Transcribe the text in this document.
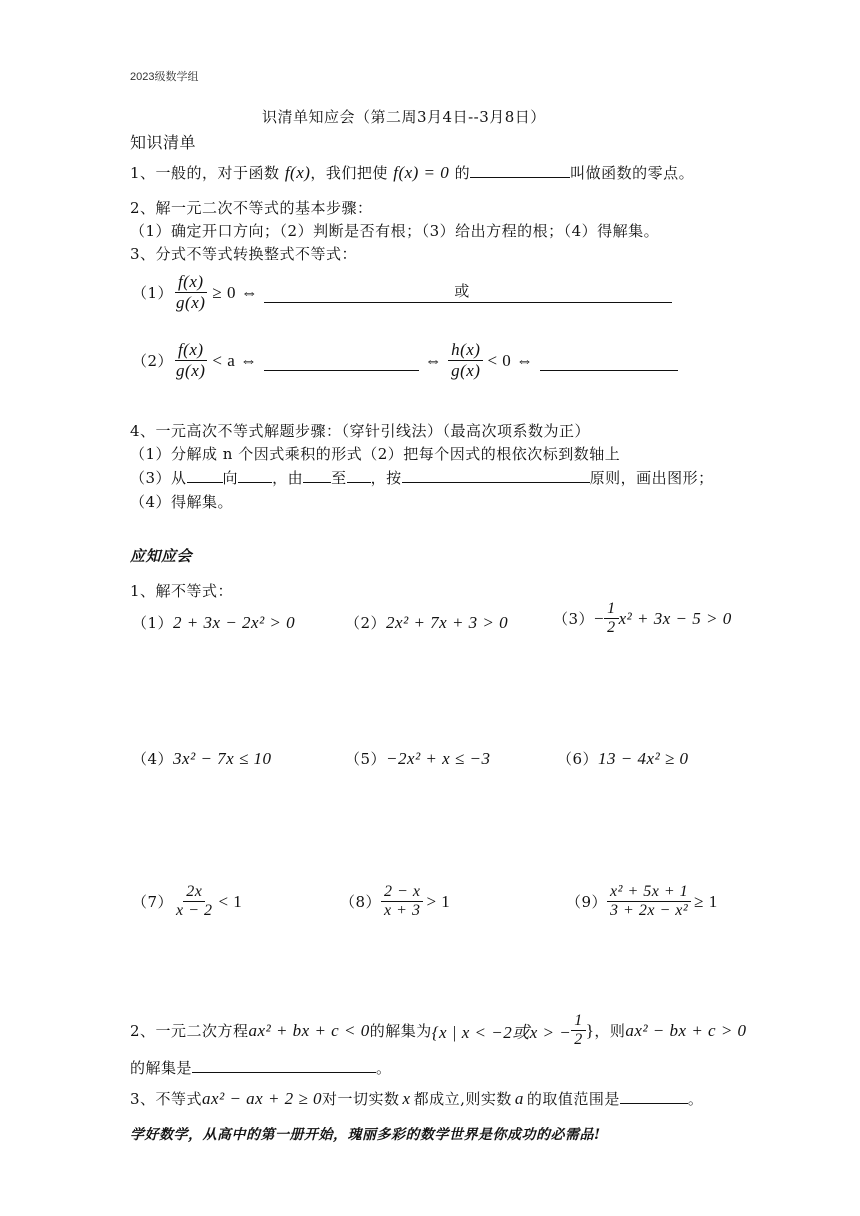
2023级数学组
识清单知应会（第二周3月4日--3月8日）
知识清单
1、一般的，对于函数 f(x)，我们把使 f(x) = 0 的	叫做函数的零点。
2、解一元二次不等式的基本步骤：
（1）确定开口方向；（2）判断是否有根；（3）给出方程的根；（4）得解集。
3、分式不等式转换整式不等式：
$(1) \frac{f(x)}{g(x)} \ge 0$ ⇔	或
$(2) \frac{f(x)}{g(x)} < a$ ⇔	⇔ $\frac{h(x)}{g(x)} < 0$ ⇔
4、一元高次不等式解题步骤：（穿针引线法）（最高次项系数为正）
（1）分解成 n 个因式乘积的形式（2）把每个因式的根依次标到数轴上
（3）从 向 ，由 至 ，按	原则，画出图形；
（4）得解集。
应知应会
1、解不等式：
（1）2 + 3x − 2x² > 0	（2）2x² + 7x + 3 > 0	$(3) - \frac{1}{2} x^2 + 3x - 5 > 0$
（4）3x² − 7x ≤ 10	（5）−2x² + x ≤ −3	（6）13 − 4x² ≥ 0
$(7) \frac{2x}{x - 2} < 1$	$(8) \frac{2 - x}{x + 3} > 1$	$(9) \frac{\text{x² + 5x + 1}}{\text{3 + 2x − x²}} \ge 1$
2、一元二次方程 ax² + bx + c < 0 的解集为 {x | x < −2或x > − $\frac{1}{2}$ } ，则 ax² − bx + c > 0
的解集是	。
3、不等式ax² − ax + 2 ≥ 0对一切实数 x 都成立,则实数 a 的取值范围是	。
学好数学，从高中的第一册开始，瑰丽多彩的数学世界是你成功的必需品!
